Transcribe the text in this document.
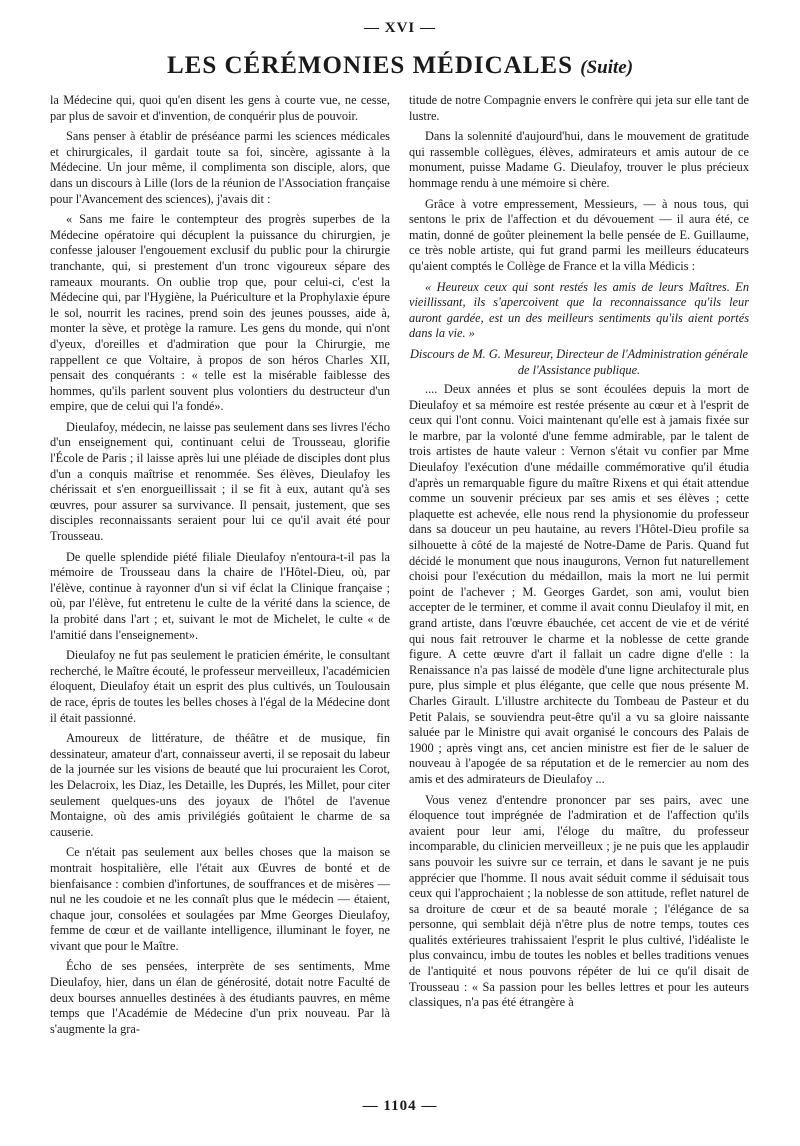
— XVI —
LES CÉRÉMONIES MÉDICALES (Suite)

la Médecine qui, quoi qu'en disent les gens à courte vue, ne cesse, par plus de savoir et d'invention, de conquérir plus de pouvoir.

Sans penser à établir de préséance parmi les sciences médicales et chirurgicales, il gardait toute sa foi, sincère, agissante à la Médecine. Un jour même, il complimenta son disciple, alors, que dans un discours à Lille (lors de la réunion de l'Association française pour l'Avancement des sciences), j'avais dit :

« Sans me faire le contempteur des progrès superbes de la Médecine opératoire qui décuplent la puissance du chirurgien, je confesse jalouser l'engouement exclusif du public pour la chirurgie tranchante, qui, si prestement d'un tronc vigoureux sépare des rameaux mourants. On oublie trop que, pour celui-ci, c'est la Médecine qui, par l'Hygiène, la Puériculture et la Prophylaxie épure le sol, nourrit les racines, prend soin des jeunes pousses, aide à, monter la sève, et protège la ramure. Les gens du monde, qui n'ont d'yeux, d'oreilles et d'admiration que pour la Chirurgie, me rappellent ce que Voltaire, à propos de son héros Charles XII, pensait des conquérants : « telle est la misérable faiblesse des hommes, qu'ils parlent souvent plus volontiers du destructeur d'un empire, que de celui qui l'a fondé».

Dieulafoy, médecin, ne laisse pas seulement dans ses livres l'écho d'un enseignement qui, continuant celui de Trousseau, glorifie l'École de Paris ; il laisse après lui une pléiade de disciples dont plus d'un a conquis maîtrise et renommée. Ses élèves, Dieulafoy les chérissait et s'en enorgueillissait ; il se fit à eux, autant qu'à ses œuvres, pour assurer sa survivance. Il pensait, justement, que ses disciples reconnaissants seraient pour lui ce qu'il avait été pour Trousseau.

De quelle splendide piété filiale Dieulafoy n'entoura-t-il pas la mémoire de Trousseau dans la chaire de l'Hôtel-Dieu, où, par l'élève, continue à rayonner d'un si vif éclat la Clinique française ; où, par l'élève, fut entretenu le culte de la vérité dans la science, de la probité dans l'art ; et, suivant le mot de Michelet, le culte « de l'amitié dans l'enseignement».

Dieulafoy ne fut pas seulement le praticien émérite, le consultant recherché, le Maître écouté, le professeur merveilleux, l'académicien éloquent, Dieulafoy était un esprit des plus cultivés, un Toulousain de race, épris de toutes les belles choses à l'égal de la Médecine dont il était passionné.

Amoureux de littérature, de théâtre et de musique, fin dessinateur, amateur d'art, connaisseur averti, il se reposait du labeur de la journée sur les visions de beauté que lui procuraient les Corot, les Delacroix, les Diaz, les Detaille, les Duprés, les Millet, pour citer seulement quelques-uns des joyaux de l'hôtel de l'avenue Montaigne, où des amis privilégiés goûtaient le charme de sa causerie.

Ce n'était pas seulement aux belles choses que la maison se montrait hospitalière, elle l'était aux Œuvres de bonté et de bienfaisance : combien d'infortunes, de souffrances et de misères — nul ne les coudoie et ne les connaît plus que le médecin — étaient, chaque jour, consolées et soulagées par Mme Georges Dieulafoy, femme de cœur et de vaillante intelligence, illuminant le foyer, ne vivant que pour le Maître.

Écho de ses pensées, interprète de ses sentiments, Mme Dieulafoy, hier, dans un élan de générosité, dotait notre Faculté de deux bourses annuelles destinées à des étudiants pauvres, en même temps que l'Académie de Médecine d'un prix nouveau. Par là s'augmente la gra-

titude de notre Compagnie envers le confrère qui jeta sur elle tant de lustre.

Dans la solennité d'aujourd'hui, dans le mouvement de gratitude qui rassemble collègues, élèves, admirateurs et amis autour de ce monument, puisse Madame G. Dieulafoy, trouver le plus précieux hommage rendu à une mémoire si chère.

Grâce à votre empressement, Messieurs, — à nous tous, qui sentons le prix de l'affection et du dévouement — il aura été, ce matin, donné de goûter pleinement la belle pensée de E. Guillaume, ce très noble artiste, qui fut grand parmi les meilleurs éducateurs qu'aient comptés le Collège de France et la villa Médicis :

« Heureux ceux qui sont restés les amis de leurs Maîtres. En vieillissant, ils s'apercoivent que la reconnaissance qu'ils leur auront gardée, est un des meilleurs sentiments qu'ils aient portés dans la vie. »

Discours de M. G. Mesureur, Directeur de l'Administration générale de l'Assistance publique.

.... Deux années et plus se sont écoulées depuis la mort de Dieulafoy et sa mémoire est restée présente au cœur et à l'esprit de ceux qui l'ont connu. Voici maintenant qu'elle est à jamais fixée sur le marbre, par la volonté d'une femme admirable, par le talent de trois artistes de haute valeur : Vernon s'était vu confier par Mme Dieulafoy l'exécution d'une médaille commémorative qu'il étudia d'après un remarquable figure du maître Rixens et qui était attendue comme un souvenir précieux par ses amis et ses élèves ; cette plaquette est achevée, elle nous rend la physionomie du professeur dans sa douceur un peu hautaine, au revers l'Hôtel-Dieu profile sa silhouette à côté de la majesté de Notre-Dame de Paris. Quand fut décidé le monument que nous inaugurons, Vernon fut naturellement choisi pour l'exécution du médaillon, mais la mort ne lui permit point de l'achever ; M. Georges Gardet, son ami, voulut bien accepter de le terminer, et comme il avait connu Dieulafoy il mit, en grand artiste, dans l'œuvre ébauchée, cet accent de vie et de vérité qui nous fait retrouver le charme et la noblesse de cette grande figure. A cette œuvre d'art il fallait un cadre digne d'elle : la Renaissance n'a pas laissé de modèle d'une ligne architecturale plus pure, plus simple et plus élégante, que celle que nous présente M. Charles Girault. L'illustre architecte du Tombeau de Pasteur et du Petit Palais, se souviendra peut-être qu'il a vu sa gloire naissante saluée par le Ministre qui avait organisé le concours des Palais de 1900 ; après vingt ans, cet ancien ministre est fier de le saluer de nouveau à l'apogée de sa réputation et de le remercier au nom des amis et des admirateurs de Dieulafoy ...

Vous venez d'entendre prononcer par ses pairs, avec une éloquence tout imprégnée de l'admiration et de l'affection qu'ils avaient pour leur ami, l'éloge du maître, du professeur incomparable, du clinicien merveilleux ; je ne puis que les applaudir sans pouvoir les suivre sur ce terrain, et dans le savant je ne puis apprécier que l'homme. Il nous avait séduit comme il séduisait tous ceux qui l'approchaient ; la noblesse de son attitude, reflet naturel de sa droiture de cœur et de sa beauté morale ; l'élégance de sa personne, qui semblait déjà n'être plus de notre temps, toutes ces qualités extérieures trahissaient l'esprit le plus cultivé, l'idéaliste le plus convaincu, imbu de toutes les nobles et belles traditions venues de l'antiquité et nous pouvons répéter de lui ce qu'il disait de Trousseau : « Sa passion pour les belles lettres et pour les auteurs classiques, n'a pas été étrangère à

— 1104 —
